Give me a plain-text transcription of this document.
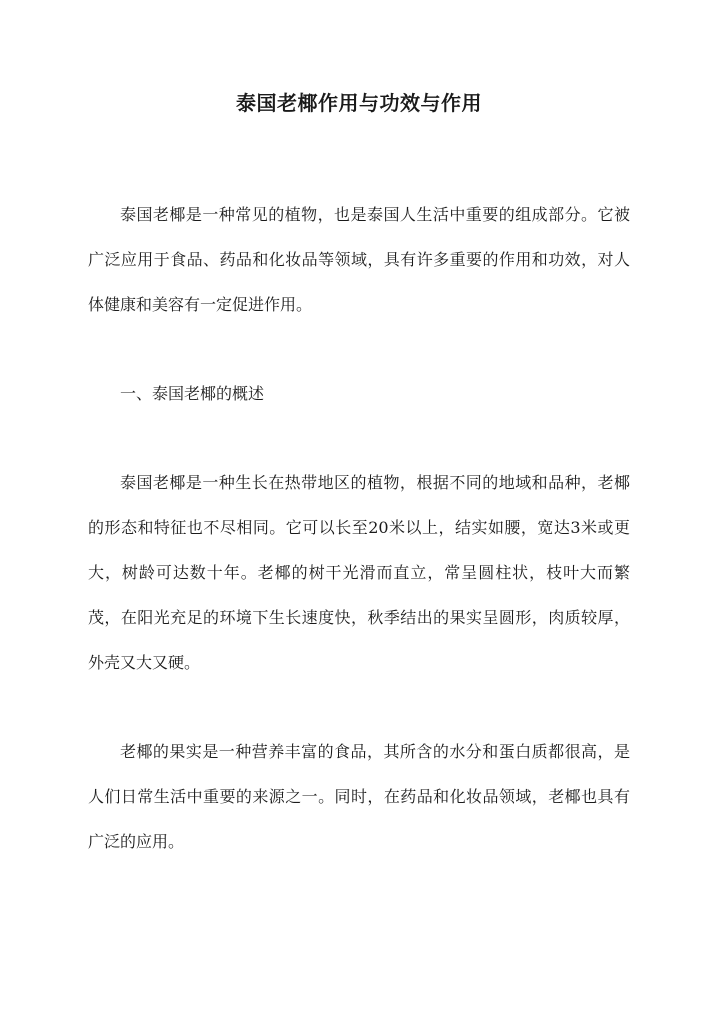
泰国老椰作用与功效与作用

泰国老椰是一种常见的植物，也是泰国人生活中重要的组成部分。它被广泛应用于食品、药品和化妆品等领域，具有许多重要的作用和功效，对人体健康和美容有一定促进作用。

一、泰国老椰的概述

泰国老椰是一种生长在热带地区的植物，根据不同的地域和品种，老椰的形态和特征也不尽相同。它可以长至20米以上，结实如腰，宽达3米或更大，树龄可达数十年。老椰的树干光滑而直立，常呈圆柱状，枝叶大而繁茂，在阳光充足的环境下生长速度快，秋季结出的果实呈圆形，肉质较厚，外壳又大又硬。

老椰的果实是一种营养丰富的食品，其所含的水分和蛋白质都很高，是人们日常生活中重要的来源之一。同时，在药品和化妆品领域，老椰也具有广泛的应用。
